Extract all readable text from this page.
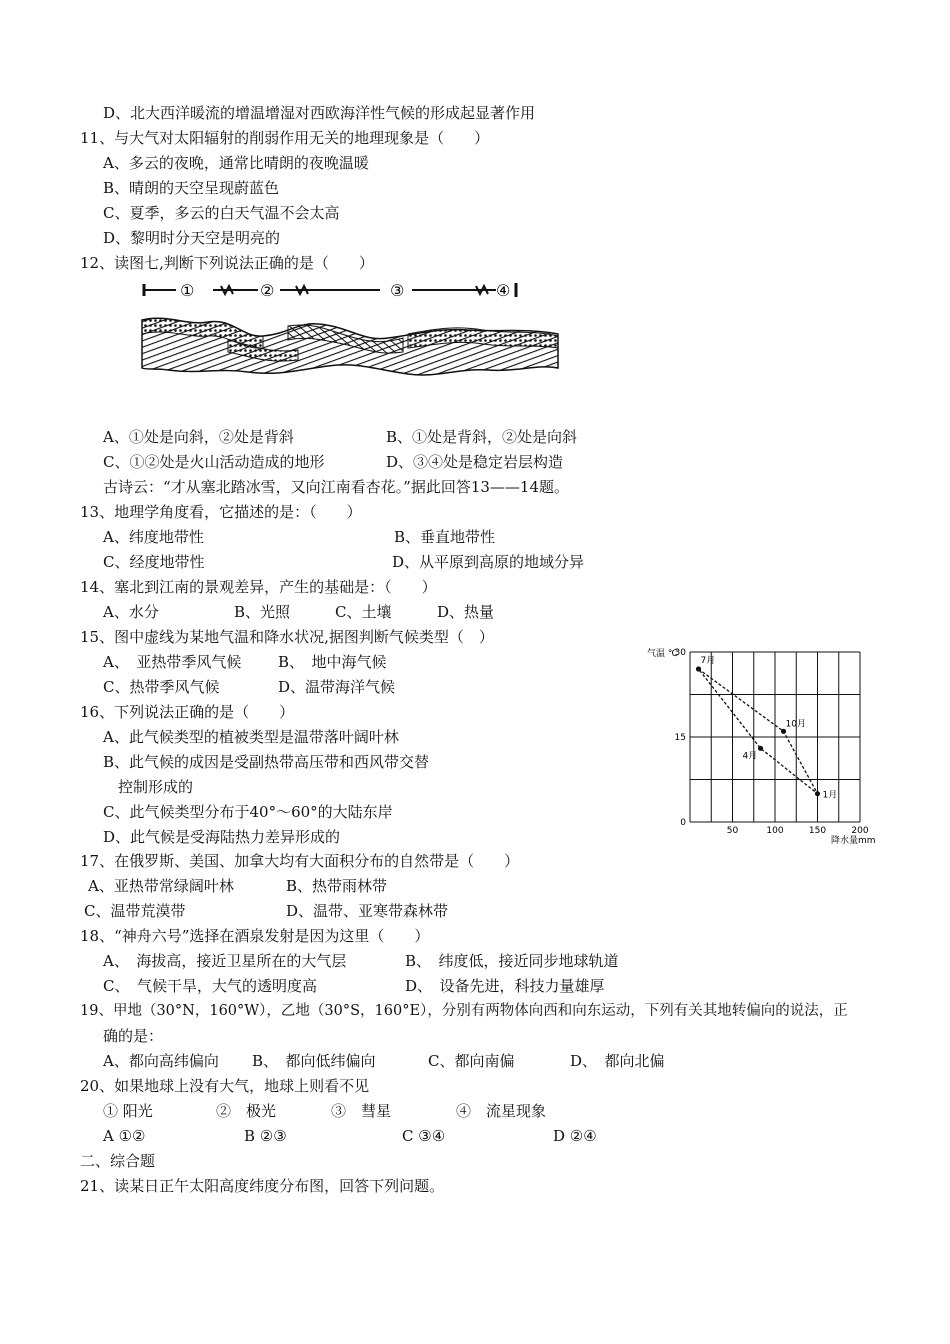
D、北大西洋暖流的增温增湿对西欧海洋性气候的形成起显著作用
11、与大气对太阳辐射的削弱作用无关的地理现象是（　　）
A、多云的夜晚，通常比晴朗的夜晚温暖
B、晴朗的天空呈现蔚蓝色
C、夏季，多云的白天气温不会太高
D、黎明时分天空是明亮的
12、读图七,判断下列说法正确的是（　　）
①	②	③	④
A、①处是向斜，②处是背斜	B、①处是背斜，②处是向斜
C、①②处是火山活动造成的地形	D、③④处是稳定岩层构造
古诗云：“才从塞北踏冰雪，又向江南看杏花。”据此回答13——14题。
13、地理学角度看，它描述的是：（　　）
A、纬度地带性	B、垂直地带性
C、经度地带性	D、从平原到高原的地域分异
14、塞北到江南的景观差异，产生的基础是：（　　）
A、水分	B、光照	C、土壤	D、热量
15、图中虚线为某地气温和降水状况,据图判断气候类型（　）
A、　亚热带季风气候 B、　地中海气候
C、热带季风气候	D、温带海洋气候
16、下列说法正确的是（　　）
A、此气候类型的植被类型是温带落叶阔叶林
B、此气候的成因是受副热带高压带和西风带交替
控制形成的
C、此气候类型分布于40°～60°的大陆东岸
D、此气候是受海陆热力差异形成的	50	100	150	200
0
15
30
7月
10月
1月
4月
气温 ℃
降水量mm
17、在俄罗斯、美国、加拿大均有大面积分布的自然带是（　　）
A、亚热带常绿阔叶林	B、热带雨林带
C、温带荒漠带	D、温带、亚寒带森林带
18、“神舟六号”选择在酒泉发射是因为这里（　　）
A、　海拔高，接近卫星所在的大气层	B、　纬度低，接近同步地球轨道
C、　气候干旱，大气的透明度高	D、　设备先进，科技力量雄厚
19、甲地（30°N，160°W），乙地（30°S，160°E），分别有两物体向西和向东运动，下列有关其地转偏向的说法，正
确的是：
A、都向高纬偏向 B、　都向低纬偏向	C、都向南偏	D、　都向北偏
20、如果地球上没有大气，地球上则看不见
① 阳光	②　极光	③　彗星	④　流星现象
A ①②	B ②③	C ③④	D ②④
二、综合题
21、读某日正午太阳高度纬度分布图，回答下列问题。
